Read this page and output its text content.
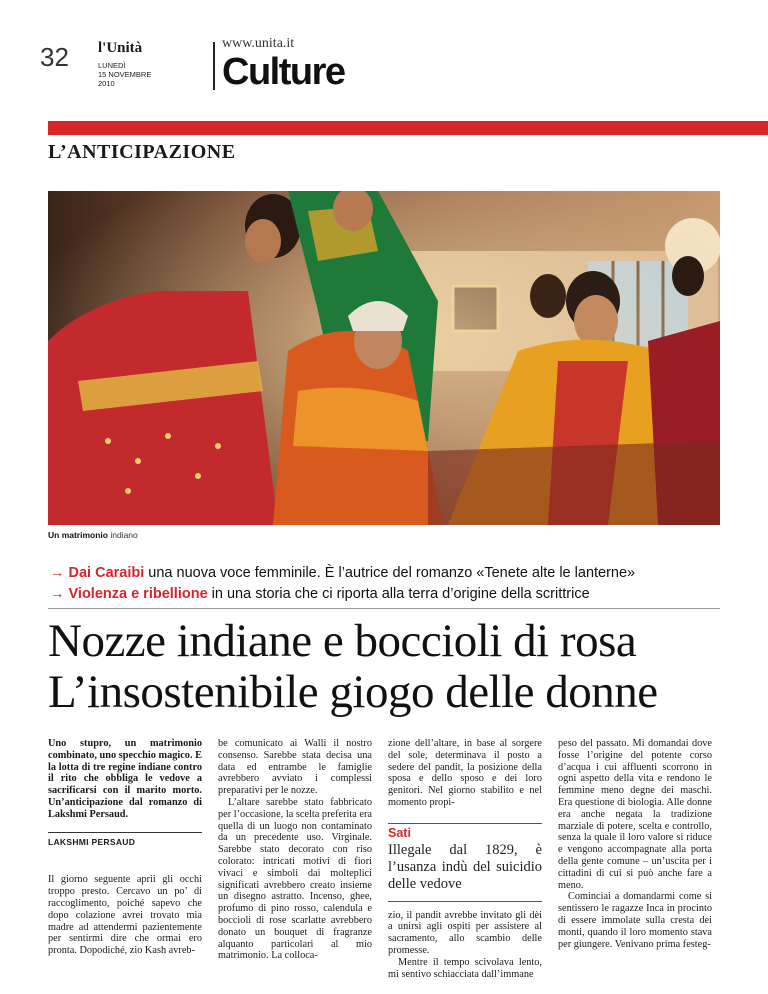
32 l'Unità
LUNEDÌ
15 NOVEMBRE
2010
www.unita.it
Culture
L’ANTICIPAZIONE
Un matrimonio indiano
→ Dai Caraibi una nuova voce femminile. È l’autrice del romanzo «Tenete alte le lanterne»
→ Violenza e ribellione in una storia che ci riporta alla terra d’origine della scrittrice
Nozze indiane e boccioli di rosa
L’insostenibile giogo delle donne

Uno stupro, un matrimonio combinato, uno specchio magico. E la lotta di tre regine indiane contro il rito che obbliga le vedove a sacrificarsi con il marito morto. Un’anticipazione dal romanzo di Lakshmi Persaud.

LAKSHMI PERSAUD

Il giorno seguente aprii gli occhi troppo presto. Cercavo un po’ di raccoglimento, poiché sapevo che dopo colazione avrei trovato mia madre ad attendermi pazientemente per sentirmi dire che ormai ero pronta. Dopodiché, zio Kash avreb-

be comunicato ai Walli il nostro consenso. Sarebbe stata decisa una data ed entrambe le famiglie avrebbero avviato i complessi preparativi per le nozze.

L’altare sarebbe stato fabbricato per l’occasione, la scelta preferita era quella di un luogo non contaminato da un precedente uso. Virginale. Sarebbe stato decorato con riso colorato: intricati motivi di fiori vivaci e simboli dai molteplici significati avrebbero creato insieme un disegno astratto. Incenso, ghee, profumo di pino rosso, calendula e boccioli di rose scarlatte avrebbero donato un bouquet di fragranze alquanto particolari al mio matrimonio. La colloca-

zione dell’altare, in base al sorgere del sole, determinava il posto a sedere del pandit, la posizione della sposa e dello sposo e dei loro genitori. Nel giorno stabilito e nel momento propi-

Sati
Illegale dal 1829, è l’usanza indù del suicidio delle vedove

zio, il pandit avrebbe invitato gli dèi a unirsi agli ospiti per assistere al sacramento, allo scambio delle promesse.

Mentre il tempo scivolava lento, mi sentivo schiacciata dall’immane

peso del passato. Mi domandai dove fosse l’origine del potente corso d’acqua i cui affluenti scorrono in ogni aspetto della vita e rendono le femmine meno degne dei maschi. Era questione di biologia. Alle donne era anche negata la tradizione marziale di potere, scelta e controllo, senza la quale il loro valore si riduce e vengono accompagnate alla porta della gente comune – un’uscita per i cittadini di cui si può anche fare a meno.

Cominciai a domandarmi come si sentissero le ragazze Inca in procinto di essere immolate sulla cresta dei monti, quando il loro momento stava per giungere. Venivano prima festeg-
